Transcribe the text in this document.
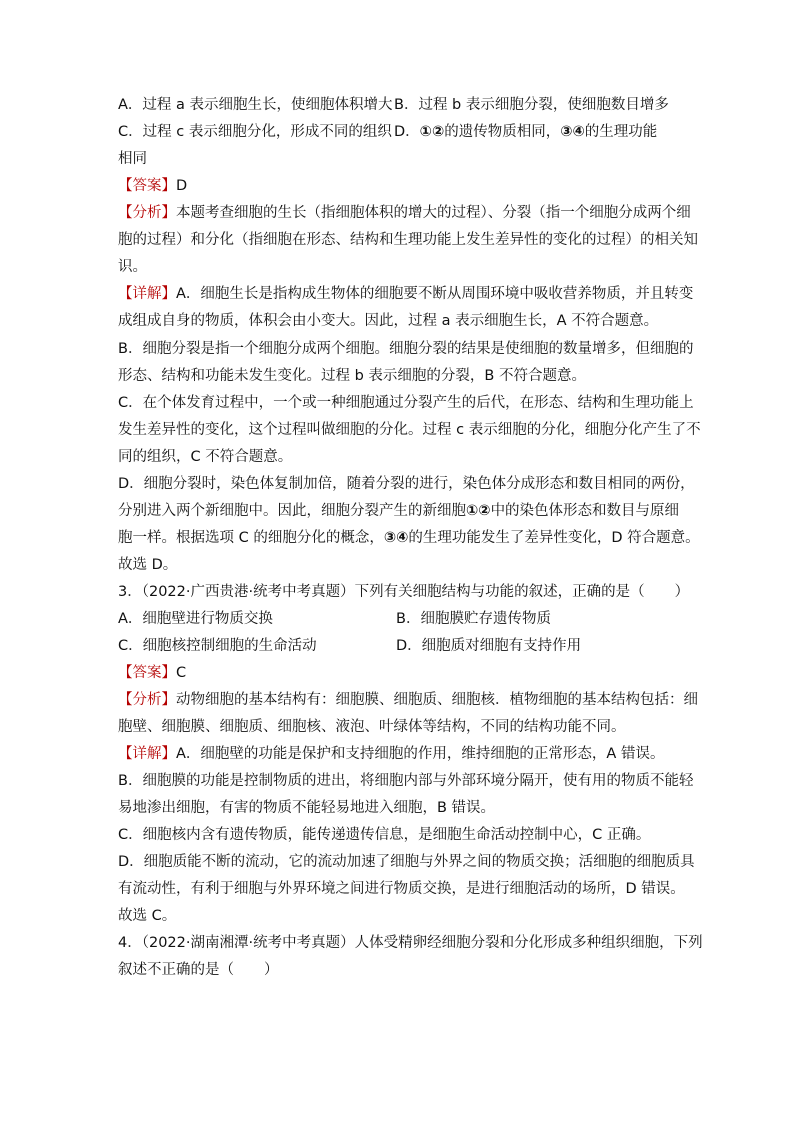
A．过程 a 表示细胞生长，使细胞体积增大 B．过程 b 表示细胞分裂，使细胞数目增多
C．过程 c 表示细胞分化，形成不同的组织 D．①②的遗传物质相同，③④的生理功能
相同
【答案】D
【分析】本题考查细胞的生长（指细胞体积的增大的过程）、分裂（指一个细胞分成两个细
胞的过程）和分化（指细胞在形态、结构和生理功能上发生差异性的变化的过程）的相关知
识。
【详解】A．细胞生长是指构成生物体的细胞要不断从周围环境中吸收营养物质，并且转变
成组成自身的物质，体积会由小变大。因此，过程 a 表示细胞生长，A 不符合题意。
B．细胞分裂是指一个细胞分成两个细胞。细胞分裂的结果是使细胞的数量增多，但细胞的
形态、结构和功能未发生变化。过程 b 表示细胞的分裂，B 不符合题意。
C．在个体发育过程中，一个或一种细胞通过分裂产生的后代，在形态、结构和生理功能上
发生差异性的变化，这个过程叫做细胞的分化。过程 c 表示细胞的分化，细胞分化产生了不
同的组织，C 不符合题意。
D．细胞分裂时，染色体复制加倍，随着分裂的进行，染色体分成形态和数目相同的两份，
分别进入两个新细胞中。因此，细胞分裂产生的新细胞①②中的染色体形态和数目与原细
胞一样。根据选项 C 的细胞分化的概念，③④的生理功能发生了差异性变化，D 符合题意。
故选 D。
3．（2022·广西贵港·统考中考真题）下列有关细胞结构与功能的叙述，正确的是（ ）
A．细胞壁进行物质交换	B．细胞膜贮存遗传物质
C．细胞核控制细胞的生命活动	D．细胞质对细胞有支持作用
【答案】C
【分析】动物细胞的基本结构有：细胞膜、细胞质、细胞核．植物细胞的基本结构包括：细
胞壁、细胞膜、细胞质、细胞核、液泡、叶绿体等结构，不同的结构功能不同。
【详解】A．细胞壁的功能是保护和支持细胞的作用，维持细胞的正常形态，A 错误。
B．细胞膜的功能是控制物质的进出，将细胞内部与外部环境分隔开，使有用的物质不能轻
易地渗出细胞，有害的物质不能轻易地进入细胞，B 错误。
C．细胞核内含有遗传物质，能传递遗传信息，是细胞生命活动控制中心，C 正确。
D．细胞质能不断的流动，它的流动加速了细胞与外界之间的物质交换；活细胞的细胞质具
有流动性，有利于细胞与外界环境之间进行物质交换，是进行细胞活动的场所，D 错误。
故选 C。
4．（2022·湖南湘潭·统考中考真题）人体受精卵经细胞分裂和分化形成多种组织细胞，下列
叙述不正确的是（ ）
